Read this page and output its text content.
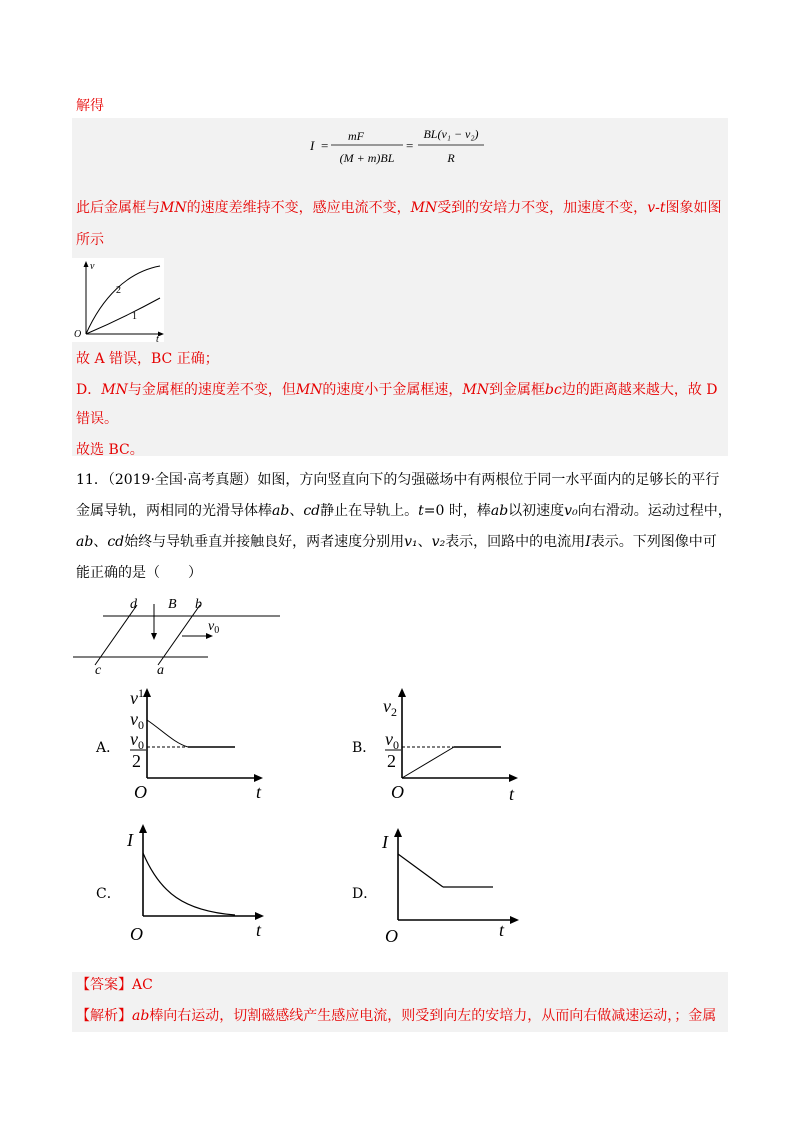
解得
I =
mF
(M + m)BL
=
BL(v₁ − v₂)
R
此后金属框与MN的速度差维持不变，感应电流不变，MN受到的安培力不变，加速度不变，v-t图象如图
所示
v
2
1
O	t
故 A 错误，BC 正确；
D．MN与金属框的速度差不变，但MN的速度小于金属框速，MN到金属框bc边的距离越来越大，故 D
错误。
故选 BC。
11．（2019·全国·高考真题）如图，方向竖直向下的匀强磁场中有两根位于同一水平面内的足够长的平行
金属导轨，两相同的光滑导体棒ab、cd静止在导轨上。t=0 时，棒ab以初速度v₀向右滑动。运动过程中，
ab、cd始终与导轨垂直并接触良好，两者速度分别用v₁、v₂表示，回路中的电流用I表示。下列图像中可
能正确的是（　　）
d B b
$v_0$
c	a
A．
$v^1$
$v_0$
$v_0$
2
O	t
B．
$v_2$
$v_0$
2
O	t
C．
I
O	t
D．
I
O	t
【答案】AC
【解析】ab棒向右运动，切割磁感线产生感应电流，则受到向左的安培力，从而向右做减速运动，；金属
